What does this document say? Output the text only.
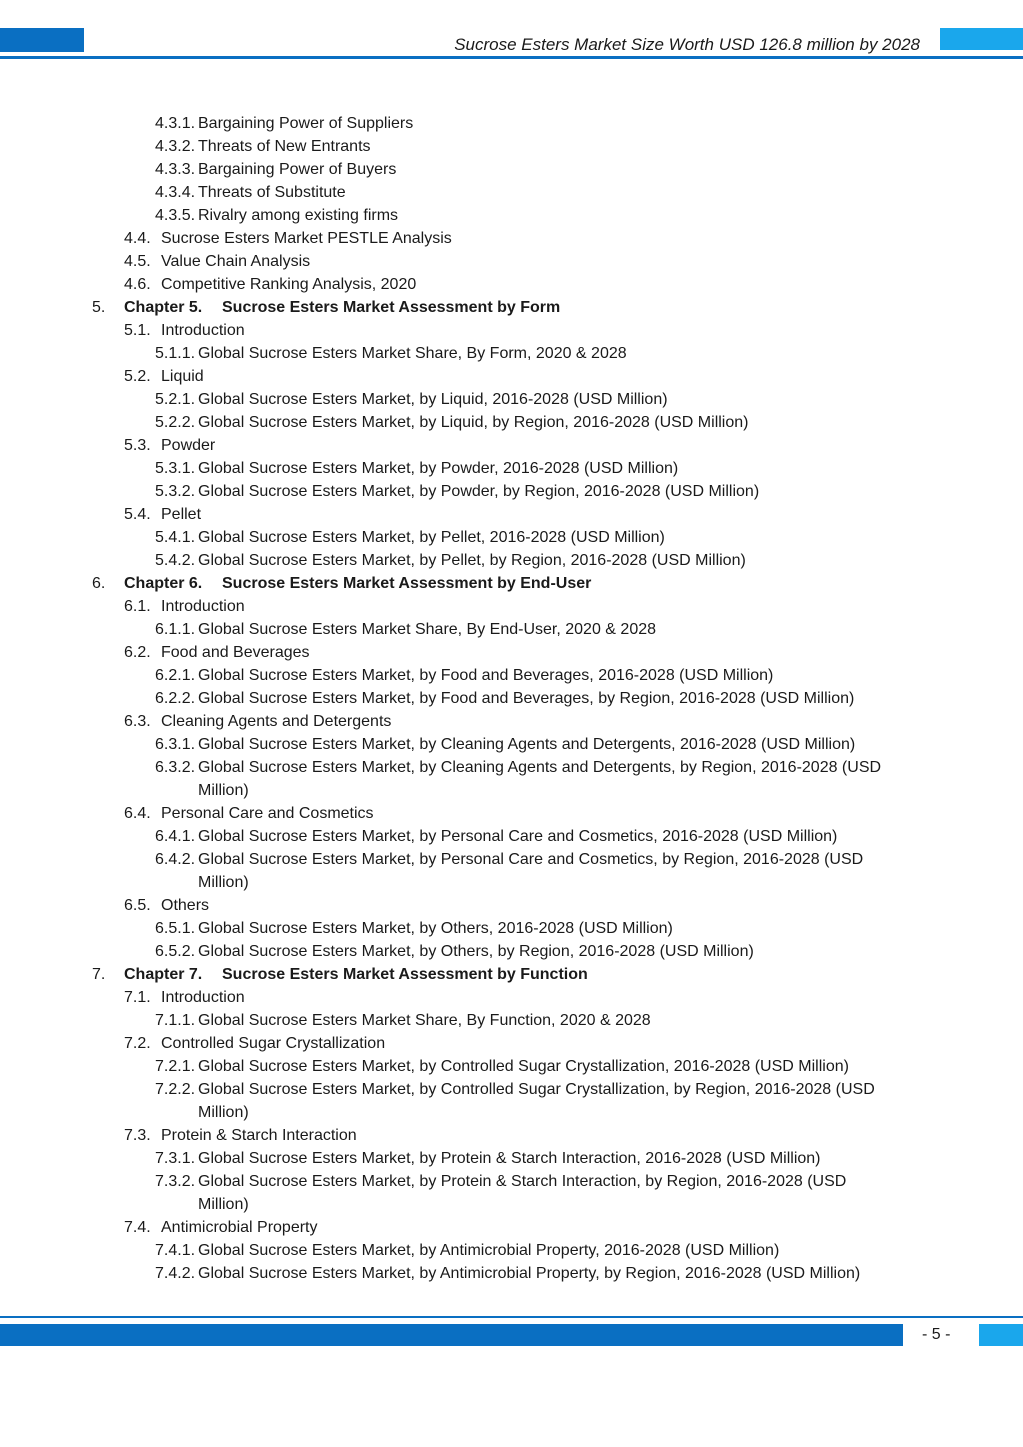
Sucrose Esters Market Size Worth USD 126.8 million by 2028
4.3.1. Bargaining Power of Suppliers
4.3.2. Threats of New Entrants
4.3.3. Bargaining Power of Buyers
4.3.4. Threats of Substitute
4.3.5. Rivalry among existing firms
4.4. Sucrose Esters Market PESTLE Analysis
4.5. Value Chain Analysis
4.6. Competitive Ranking Analysis, 2020
5. Chapter 5. Sucrose Esters Market Assessment by Form
5.1. Introduction
5.1.1. Global Sucrose Esters Market Share, By Form, 2020 & 2028
5.2. Liquid
5.2.1. Global Sucrose Esters Market, by Liquid, 2016-2028 (USD Million)
5.2.2. Global Sucrose Esters Market, by Liquid, by Region, 2016-2028 (USD Million)
5.3. Powder
5.3.1. Global Sucrose Esters Market, by Powder, 2016-2028 (USD Million)
5.3.2. Global Sucrose Esters Market, by Powder, by Region, 2016-2028 (USD Million)
5.4. Pellet
5.4.1. Global Sucrose Esters Market, by Pellet, 2016-2028 (USD Million)
5.4.2. Global Sucrose Esters Market, by Pellet, by Region, 2016-2028 (USD Million)
6. Chapter 6. Sucrose Esters Market Assessment by End-User
6.1. Introduction
6.1.1. Global Sucrose Esters Market Share, By End-User, 2020 & 2028
6.2. Food and Beverages
6.2.1. Global Sucrose Esters Market, by Food and Beverages, 2016-2028 (USD Million)
6.2.2. Global Sucrose Esters Market, by Food and Beverages, by Region, 2016-2028 (USD Million)
6.3. Cleaning Agents and Detergents
6.3.1. Global Sucrose Esters Market, by Cleaning Agents and Detergents, 2016-2028 (USD Million)
6.3.2. Global Sucrose Esters Market, by Cleaning Agents and Detergents, by Region, 2016-2028 (USD
Million)
6.4. Personal Care and Cosmetics
6.4.1. Global Sucrose Esters Market, by Personal Care and Cosmetics, 2016-2028 (USD Million)
6.4.2. Global Sucrose Esters Market, by Personal Care and Cosmetics, by Region, 2016-2028 (USD
Million)
6.5. Others
6.5.1. Global Sucrose Esters Market, by Others, 2016-2028 (USD Million)
6.5.2. Global Sucrose Esters Market, by Others, by Region, 2016-2028 (USD Million)
7. Chapter 7. Sucrose Esters Market Assessment by Function
7.1. Introduction
7.1.1. Global Sucrose Esters Market Share, By Function, 2020 & 2028
7.2. Controlled Sugar Crystallization
7.2.1. Global Sucrose Esters Market, by Controlled Sugar Crystallization, 2016-2028 (USD Million)
7.2.2. Global Sucrose Esters Market, by Controlled Sugar Crystallization, by Region, 2016-2028 (USD
Million)
7.3. Protein & Starch Interaction
7.3.1. Global Sucrose Esters Market, by Protein & Starch Interaction, 2016-2028 (USD Million)
7.3.2. Global Sucrose Esters Market, by Protein & Starch Interaction, by Region, 2016-2028 (USD
Million)
7.4. Antimicrobial Property
7.4.1. Global Sucrose Esters Market, by Antimicrobial Property, 2016-2028 (USD Million)
7.4.2. Global Sucrose Esters Market, by Antimicrobial Property, by Region, 2016-2028 (USD Million)
- 5 -
